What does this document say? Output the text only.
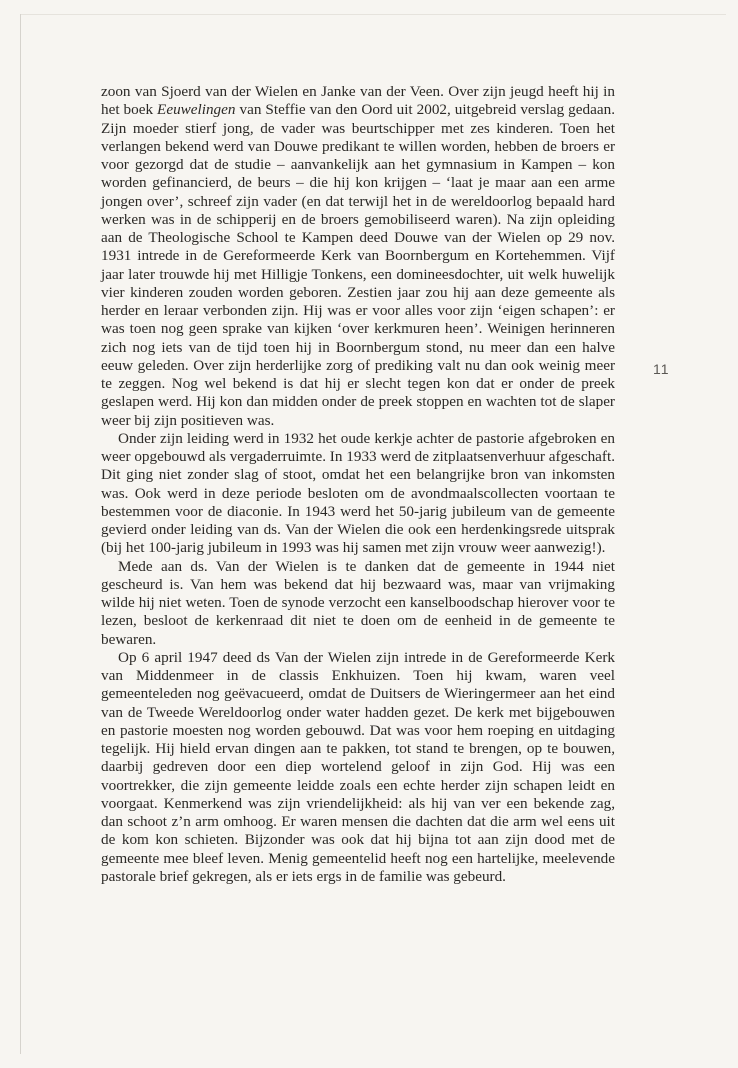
zoon van Sjoerd van der Wielen en Janke van der Veen. Over zijn jeugd heeft hij in het boek Eeuwelingen van Steffie van den Oord uit 2002, uitgebreid verslag gedaan. Zijn moeder stierf jong, de vader was beurtschipper met zes kinderen. Toen het verlangen bekend werd van Douwe predikant te willen worden, hebben de broers er voor gezorgd dat de studie – aanvankelijk aan het gymnasium in Kampen – kon worden gefinancierd, de beurs – die hij kon krijgen – ‘laat je maar aan een arme jongen over’, schreef zijn vader (en dat terwijl het in de wereldoorlog bepaald hard werken was in de schipperij en de broers gemobiliseerd waren). Na zijn opleiding aan de Theologische School te Kampen deed Douwe van der Wielen op 29 nov. 1931 intrede in de Gereformeerde Kerk van Boornbergum en Kortehemmen. Vijf jaar later trouwde hij met Hilligje Tonkens, een domineesdochter, uit welk huwelijk vier kinderen zouden worden geboren. Zestien jaar zou hij aan deze gemeente als herder en leraar verbonden zijn. Hij was er voor alles voor zijn ‘eigen schapen’: er was toen nog geen sprake van kijken ‘over kerkmuren heen’. Weinigen herinneren zich nog iets van de tijd toen hij in Boornbergum stond, nu meer dan een halve eeuw geleden. Over zijn herderlijke zorg of prediking valt nu dan ook weinig meer te zeggen. Nog wel bekend is dat hij er slecht tegen kon dat er onder de preek geslapen werd. Hij kon dan midden onder de preek stoppen en wachten tot de slaper weer bij zijn positieven was.

Onder zijn leiding werd in 1932 het oude kerkje achter de pastorie afgebroken en weer opgebouwd als vergaderruimte. In 1933 werd de zitplaatsenverhuur afgeschaft. Dit ging niet zonder slag of stoot, omdat het een belangrijke bron van inkomsten was. Ook werd in deze periode besloten om de avondmaalscollecten voortaan te bestemmen voor de diaconie. In 1943 werd het 50-jarig jubileum van de gemeente gevierd onder leiding van ds. Van der Wielen die ook een herdenkingsrede uitsprak (bij het 100-jarig jubileum in 1993 was hij samen met zijn vrouw weer aanwezig!).

Mede aan ds. Van der Wielen is te danken dat de gemeente in 1944 niet gescheurd is. Van hem was bekend dat hij bezwaard was, maar van vrijmaking wilde hij niet weten. Toen de synode verzocht een kanselboodschap hierover voor te lezen, besloot de kerkenraad dit niet te doen om de eenheid in de gemeente te bewaren.

Op 6 april 1947 deed ds Van der Wielen zijn intrede in de Gereformeerde Kerk van Middenmeer in de classis Enkhuizen. Toen hij kwam, waren veel gemeenteleden nog geëvacueerd, omdat de Duitsers de Wieringermeer aan het eind van de Tweede Wereldoorlog onder water hadden gezet. De kerk met bijgebouwen en pastorie moesten nog worden gebouwd. Dat was voor hem roeping en uitdaging tegelijk. Hij hield ervan dingen aan te pakken, tot stand te brengen, op te bouwen, daarbij gedreven door een diep wortelend geloof in zijn God. Hij was een voortrekker, die zijn gemeente leidde zoals een echte herder zijn schapen leidt en voorgaat. Kenmerkend was zijn vriendelijkheid: als hij van ver een bekende zag, dan schoot z’n arm omhoog. Er waren mensen die dachten dat die arm wel eens uit de kom kon schieten. Bijzonder was ook dat hij bijna tot aan zijn dood met de gemeente mee bleef leven. Menig gemeentelid heeft nog een hartelijke, meelevende pastorale brief gekregen, als er iets ergs in de familie was gebeurd.

11
